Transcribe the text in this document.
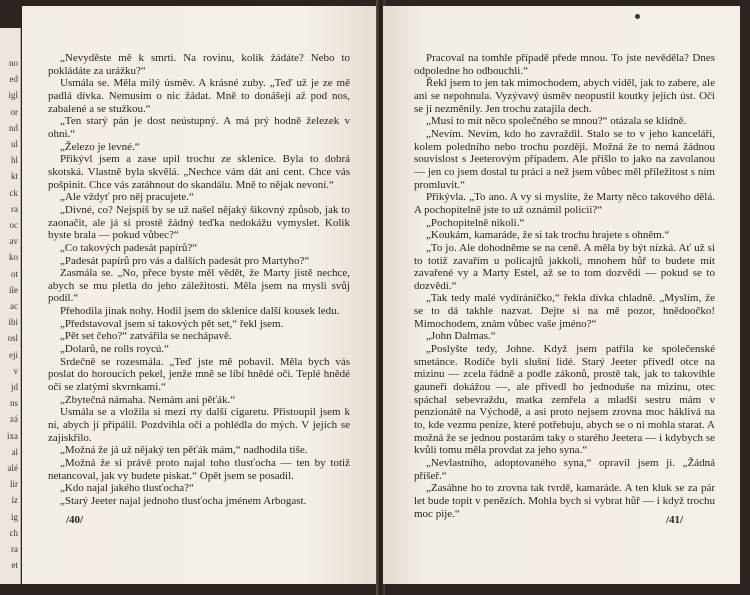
no
ed
igl
or
nd
ul
hl
kt
ck
ra
oc
av
ko
ot
ile
ac
ibi
osl
eji
v
jd
ns
zá
ixa
al
alé
lir
íz
ig
ch
ra
et

„Nevyděste mě k smrti. Na rovinu, kolik žádáte? Nebo to pokládáte za urážku?“

Usmála se. Měla milý úsměv. A krásné zuby. „Teď už je ze mě padlá dívka. Nemusím o nic žádat. Mně to donášejí až pod nos, zabalené a se stužkou.“

„Ten starý pán je dost neústupný. A má prý hodně železek v ohni.“

„Železo je levné.“

Přikývl jsem a zase upil trochu ze sklenice. Byla to dobrá skotská. Vlastně byla skvělá. „Nechce vám dát ani cent. Chce vás pošpinit. Chce vás zatáhnout do skandálu. Mně to nějak nevoní.“

„Ale vždyť pro něj pracujete.“

„Divné, co? Nejspíš by se už našel nějaký šikovný způsob, jak to zaonačit, ale já si prostě žádný teďka nedokážu vymyslet. Kolik byste brala — pokud vůbec?“

„Co takových padesát papírů?“

„Padesát papírů pro vás a dalších padesát pro Martyho?“

Zasmála se. „No, přece byste měl vědět, že Marty jistě nechce, abych se mu pletla do jeho záležitostí. Měla jsem na mysli svůj podíl.“

Přehodila jinak nohy. Hodil jsem do sklenice další kousek ledu.

„Představoval jsem si takových pět set,“ řekl jsem.

„Pět set čeho?“ zatvářila se nechápavě.

„Dolarů, ne rolls roycú.“

Srdečně se rozesmála. „Teď jste mě pobavil. Měla bych vás poslat do horoucích pekel, jenže mně se líbí hnědé oči. Teplé hnědé oči se zlatými skvrnkami.“

„Zbytečná námaha. Nemám ani pěťák.“

Usmála se a vložila si mezi rty další cigaretu. Přistoupil jsem k ní, abych jí připálil. Pozdvihla oči a pohlédla do mých. V jejích se zajiskřilo.

„Možná že já už nějaký ten pěťák mám,“ nadhodila tiše.

„Možná že si právě proto najal toho tlusťocha — ten by totiž netancoval, jak vy budete pískat.“ Opět jsem se posadil.

„Kdo najal jakého tlusťocha?“

„Starý Jeeter najal jednoho tlusťocha jménem Arbogast.

/40/

Pracoval na tomhle případě přede mnou. To jste nevěděla? Dnes odpoledne ho odbouchli.“

Řekl jsem to jen tak mimochodem, abych viděl, jak to zabere, ale ani se nepohnula. Vyzývavý úsměv neopustil koutky jejích úst. Oči se jí nezměnily. Jen trochu zatajila dech.

„Musí to mít něco společného se mnou?“ otázala se klidně.

„Nevím. Nevím, kdo ho zavraždil. Stalo se to v jeho kanceláři, kolem poledního nebo trochu později. Možná že to nemá žádnou souvislost s Jeeterovým případem. Ale přišlo to jako na zavolanou — jen co jsem dostal tu práci a než jsem vůbec měl příležitost s ním promluvit.“

Přikývla. „To ano. A vy si myslíte, že Marty něco takového dělá. A pochopitelně jste to už oznámil policii?“

„Pochopitelně nikoli.“

„Koukám, kamaráde, že si tak trochu hrajete s ohněm.“

„To jo. Ale dohodněme se na ceně. A měla by být nízká. Ať už si to totiž zavařím u policajtů jakkoli, mnohem hůř to budete mít zavařené vy a Marty Estel, až se to tom dozvědí — pokud se to dozvědí.“

„Tak tedy malé vydíráníčko,“ řekla dívka chladně. „Myslím, že se to dá takhle nazvat. Dejte si na mě pozor, hnědoočko! Mimochodem, znám vůbec vaše jméno?“

„John Dalmas.“

„Poslyšte tedy, Johne. Když jsem patřila ke společenské smetánce. Rodiče byli slušní lidé. Starý Jeeter přivedl otce na mizinu — zcela řádně a podle zákonů, prostě tak, jak to takovíhle gauneři dokážou —, ale přivedl ho jednoduše na mizinu, otec spáchal sebevraždu, matka zemřela a mladší sestru mám v penzionátě na Východě, a asi proto nejsem zrovna moc háklivá na to, kde vezmu peníze, které potřebuju, abych se o ni mohla starat. A možná že se jednou postarám taky o starého Jeetera — i kdybych se kvůli tomu měla provdat za jeho syna.“

„Nevlastního, adoptovaného syna,“ opravil jsem ji. „Žádná příšeř.“

„Zasáhne ho to zrovna tak tvrdě, kamaráde. A ten kluk se za pár let bude topit v penězích. Mohla bych si vybrat hůř — i když trochu moc pije.“

/41/
